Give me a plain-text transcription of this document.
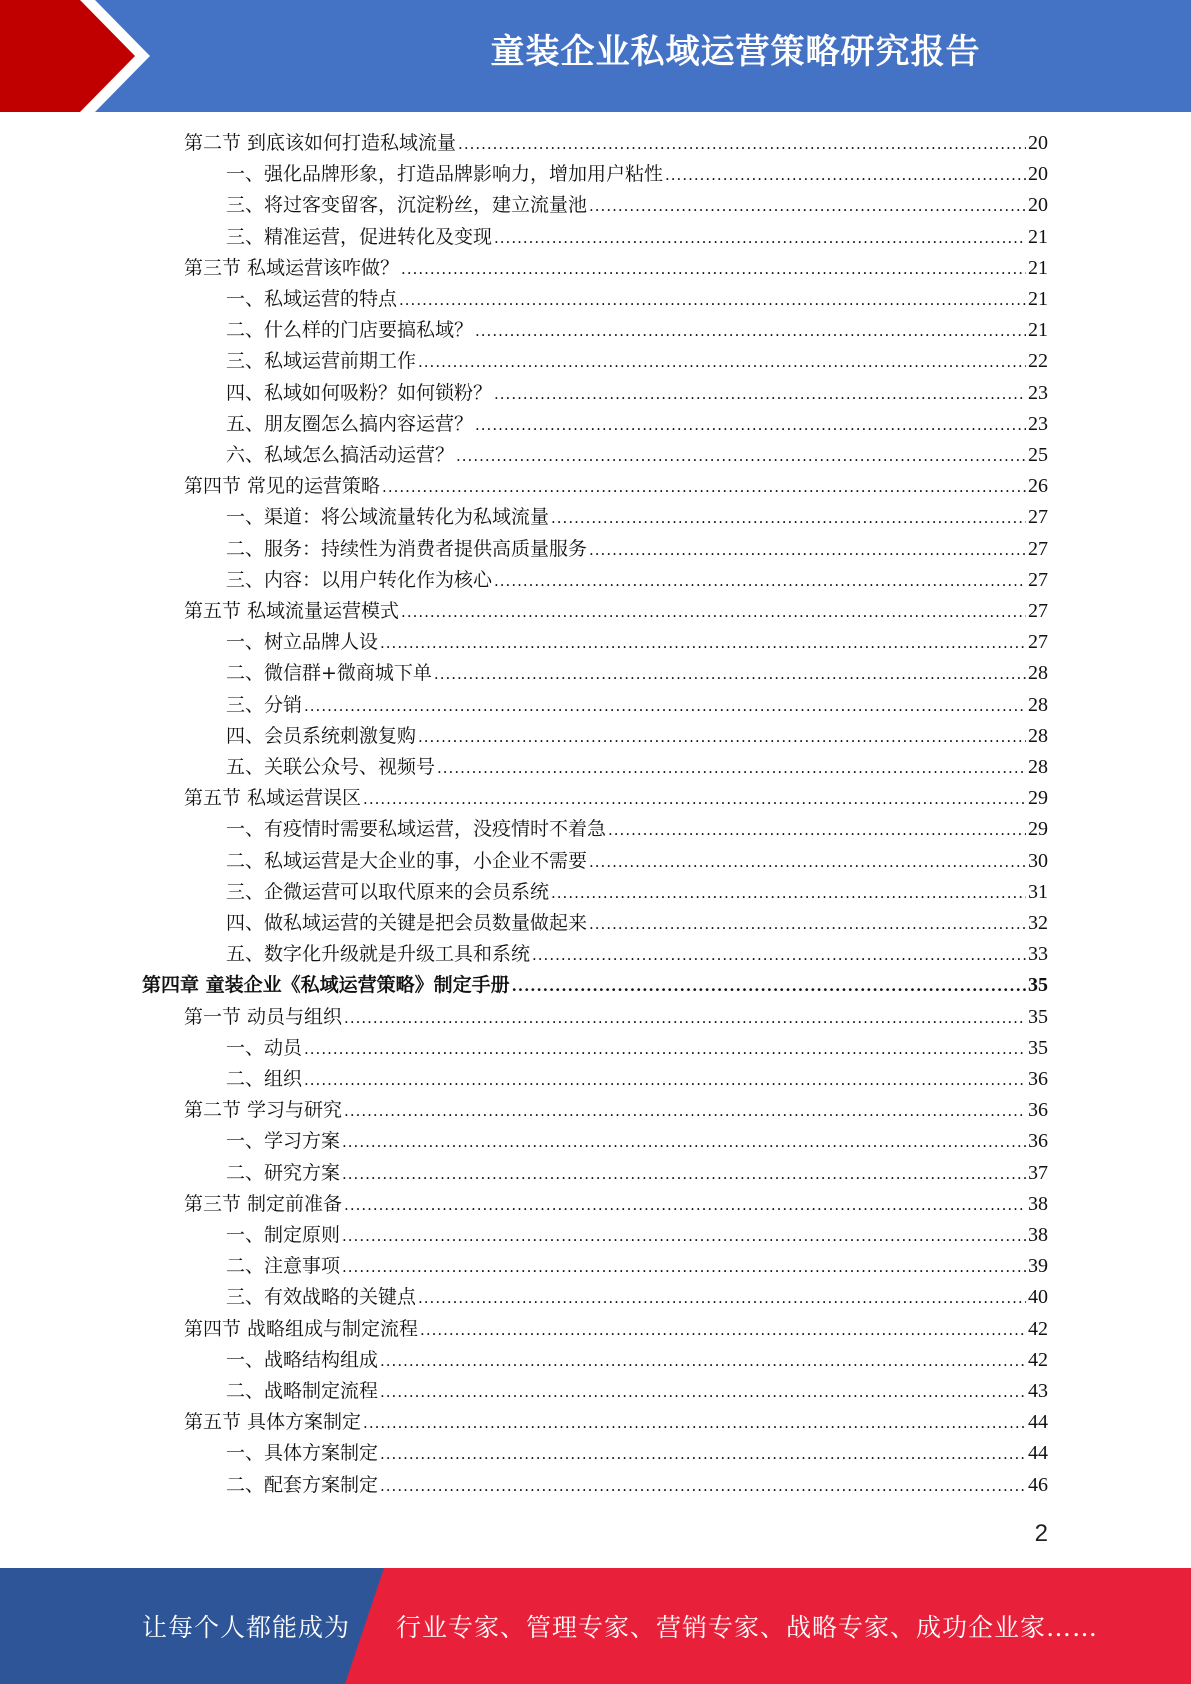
童装企业私域运营策略研究报告
第二节 到底该如何打造私域流量 .....	20
一、强化品牌形象，打造品牌影响力，增加用户粘性 .....	20
三、将过客变留客，沉淀粉丝，建立流量池 .....	20
三、精准运营，促进转化及变现 .....	21
第三节 私域运营该咋做？ .....	21
一、私域运营的特点 .....	21
二、什么样的门店要搞私域？ .....	21
三、私域运营前期工作 .....	22
四、私域如何吸粉？如何锁粉？ .....	23
五、朋友圈怎么搞内容运营？ .....	23
六、私域怎么搞活动运营？ .....	25
第四节 常见的运营策略 .....	26
一、渠道：将公域流量转化为私域流量 .....	27
二、服务：持续性为消费者提供高质量服务 .....	27
三、内容：以用户转化作为核心 .....	27
第五节 私域流量运营模式 .....	27
一、树立品牌人设 .....	27
二、微信群+微商城下单 .....	28
三、分销 .....	28
四、会员系统刺激复购 .....	28
五、关联公众号、视频号 .....	28
第五节 私域运营误区 .....	29
一、有疫情时需要私域运营，没疫情时不着急 .....	29
二、私域运营是大企业的事，小企业不需要 .....	30
三、企微运营可以取代原来的会员系统 .....	31
四、做私域运营的关键是把会员数量做起来 .....	32
五、数字化升级就是升级工具和系统 .....	33
第四章 童装企业《私域运营策略》制定手册 .....	35
第一节 动员与组织 .....	35
一、动员 .....	35
二、组织 .....	36
第二节 学习与研究 .....	36
一、学习方案 .....	36
二、研究方案 .....	37
第三节 制定前准备 .....	38
一、制定原则 .....	38
二、注意事项 .....	39
三、有效战略的关键点 .....	40
第四节 战略组成与制定流程 .....	42
一、战略结构组成 .....	42
二、战略制定流程 .....	43
第五节 具体方案制定 .....	44
一、具体方案制定 .....	44
二、配套方案制定 .....	46
2
让每个人都能成为 行业专家、管理专家、营销专家、战略专家、成功企业家……
